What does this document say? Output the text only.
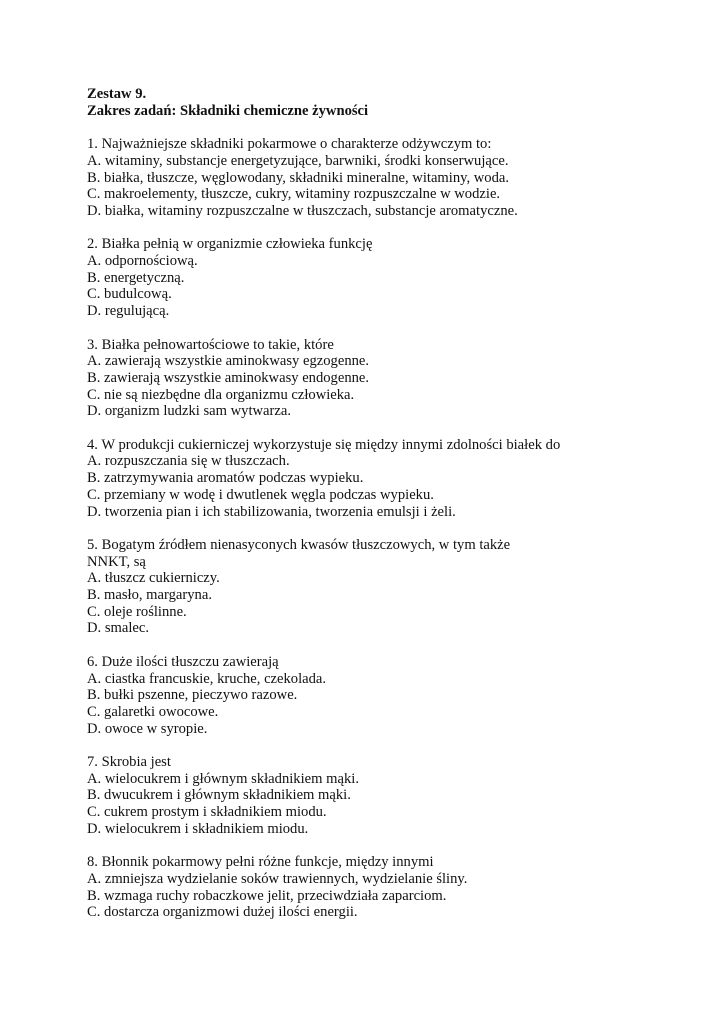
Zestaw 9.

Zakres zadań: Składniki chemiczne żywności

1. Najważniejsze składniki pokarmowe o charakterze odżywczym to:

A. witaminy, substancje energetyzujące, barwniki, środki konserwujące.

B. białka, tłuszcze, węglowodany, składniki mineralne, witaminy, woda.

C. makroelementy, tłuszcze, cukry, witaminy rozpuszczalne w wodzie.

D. białka, witaminy rozpuszczalne w tłuszczach, substancje aromatyczne.

2. Białka pełnią w organizmie człowieka funkcję

A. odpornościową.

B. energetyczną.

C. budulcową.

D. regulującą.

3. Białka pełnowartościowe to takie, które

A. zawierają wszystkie aminokwasy egzogenne.

B. zawierają wszystkie aminokwasy endogenne.

C. nie są niezbędne dla organizmu człowieka.

D. organizm ludzki sam wytwarza.

4. W produkcji cukierniczej wykorzystuje się między innymi zdolności białek do

A. rozpuszczania się w tłuszczach.

B. zatrzymywania aromatów podczas wypieku.

C. przemiany w wodę i dwutlenek węgla podczas wypieku.

D. tworzenia pian i ich stabilizowania, tworzenia emulsji i żeli.

5. Bogatym źródłem nienasyconych kwasów tłuszczowych, w tym także NNKT, są

A. tłuszcz cukierniczy.

B. masło, margaryna.

C. oleje roślinne.

D. smalec.

6. Duże ilości tłuszczu zawierają

A. ciastka francuskie, kruche, czekolada.

B. bułki pszenne, pieczywo razowe.

C. galaretki owocowe.

D. owoce w syropie.

7. Skrobia jest

A. wielocukrem i głównym składnikiem mąki.

B. dwucukrem i głównym składnikiem mąki.

C. cukrem prostym i składnikiem miodu.

D. wielocukrem i składnikiem miodu.

8. Błonnik pokarmowy pełni różne funkcje, między innymi

A. zmniejsza wydzielanie soków trawiennych, wydzielanie śliny.

B. wzmaga ruchy robaczkowe jelit, przeciwdziała zaparciom.

C. dostarcza organizmowi dużej ilości energii.
